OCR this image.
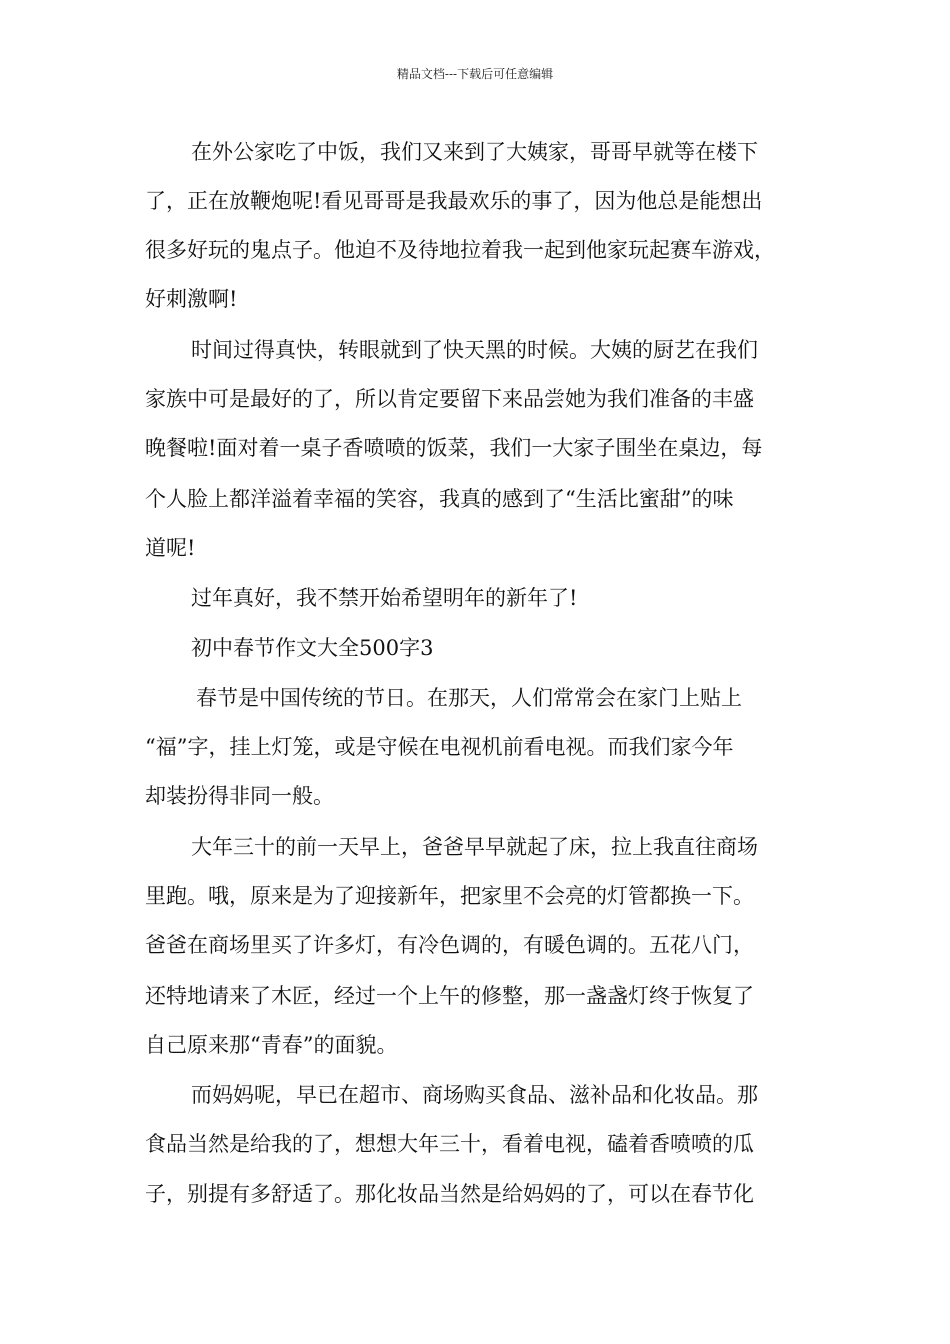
精品文档---下载后可任意编辑
在外公家吃了中饭，我们又来到了大姨家，哥哥早就等在楼下
了，正在放鞭炮呢!看见哥哥是我最欢乐的事了，因为他总是能想出
很多好玩的鬼点子。他迫不及待地拉着我一起到他家玩起赛车游戏，
好刺激啊!
时间过得真快，转眼就到了快天黑的时候。大姨的厨艺在我们
家族中可是最好的了，所以肯定要留下来品尝她为我们准备的丰盛
晚餐啦!面对着一桌子香喷喷的饭菜，我们一大家子围坐在桌边，每
个人脸上都洋溢着幸福的笑容，我真的感到了“生活比蜜甜”的味
道呢!
过年真好，我不禁开始希望明年的新年了!
初中春节作文大全500字3
春节是中国传统的节日。在那天，人们常常会在家门上贴上
“福”字，挂上灯笼，或是守候在电视机前看电视。而我们家今年
却装扮得非同一般。
大年三十的前一天早上，爸爸早早就起了床，拉上我直往商场
里跑。哦，原来是为了迎接新年，把家里不会亮的灯管都换一下。
爸爸在商场里买了许多灯，有冷色调的，有暖色调的。五花八门，
还特地请来了木匠，经过一个上午的修整，那一盏盏灯终于恢复了
自己原来那“青春”的面貌。
而妈妈呢，早已在超市、商场购买食品、滋补品和化妆品。那
食品当然是给我的了，想想大年三十，看着电视，磕着香喷喷的瓜
子，别提有多舒适了。那化妆品当然是给妈妈的了，可以在春节化
